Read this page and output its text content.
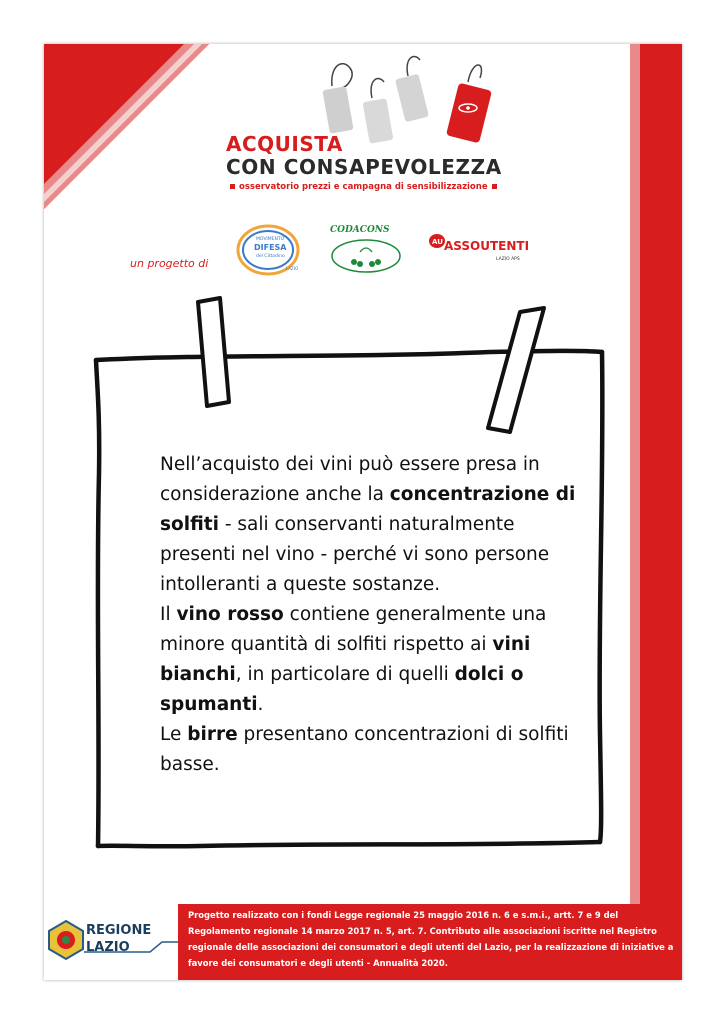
ACQUISTA
CON CONSAPEVOLEZZA
osservatorio prezzi e campagna di sensibilizzazione
un progetto di
MOVIMENTO
DIFESA
del Cittadino
LAZIO
CODACONS
AU ASSOUTENTI
LAZIO APS

Nell’acquisto dei vini può essere presa in considerazione anche la concentrazione di solfiti - sali conservanti naturalmente presenti nel vino - perché vi sono persone intolleranti a queste sostanze.

Il vino rosso contiene generalmente una minore quantità di solfiti rispetto ai vini bianchi, in particolare di quelli dolci o spumanti.

Le birre presentano concentrazioni di solfiti basse.

REGIONE
LAZIO
Progetto realizzato con i fondi Legge regionale 25 maggio 2016 n. 6 e s.m.i., artt. 7 e 9 del Regolamento regionale 14 marzo 2017 n. 5, art. 7. Contributo alle associazioni iscritte nel Registro regionale delle associazioni dei consumatori e degli utenti del Lazio, per la realizzazione di iniziative a favore dei consumatori e degli utenti - Annualità 2020.
